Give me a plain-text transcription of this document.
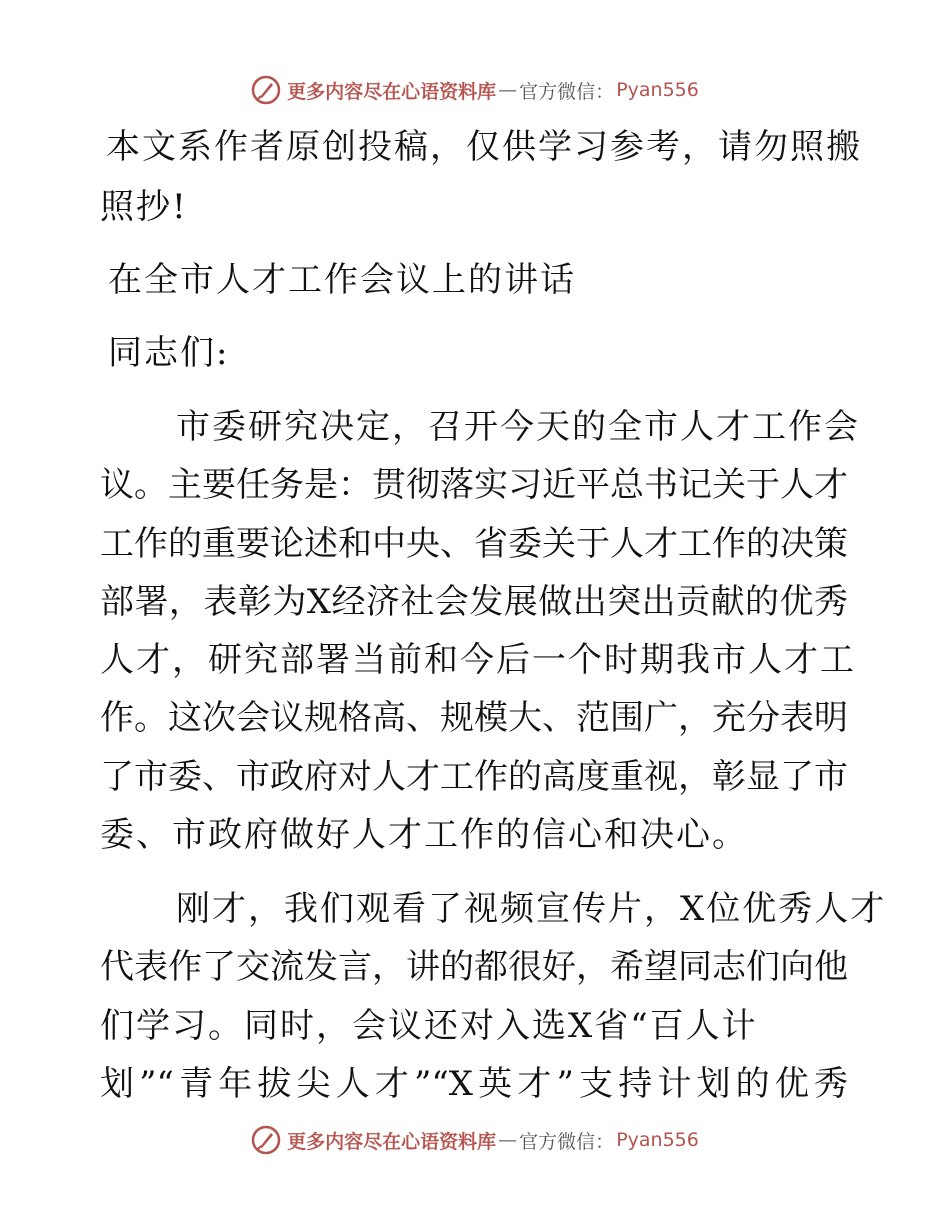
更多内容尽在心语资料库 — 官方微信： Pyan556
本文系作者原创投稿，仅供学习参考，请勿照搬
照抄!
在全市人才工作会议上的讲话
同志们:
市委研究决定，召开今天的全市人才工作会
议。主要任务是：贯彻落实习近平总书记关于人才
工作的重要论述和中央、省委关于人才工作的决策
部署，表彰为X经济社会发展做出突出贡献的优秀
人才，研究部署当前和今后一个时期我市人才工
作。这次会议规格高、规模大、范围广，充分表明
了市委、市政府对人才工作的高度重视，彰显了市
委、市政府做好人才工作的信心和决心。
刚才，我们观看了视频宣传片，X位优秀人才
代表作了交流发言，讲的都很好，希望同志们向他
们学习。同时，会议还对入选X省“百人计
划”“青年拔尖人才”“X英才”支持计划的优秀
更多内容尽在心语资料库 — 官方微信： Pyan556
